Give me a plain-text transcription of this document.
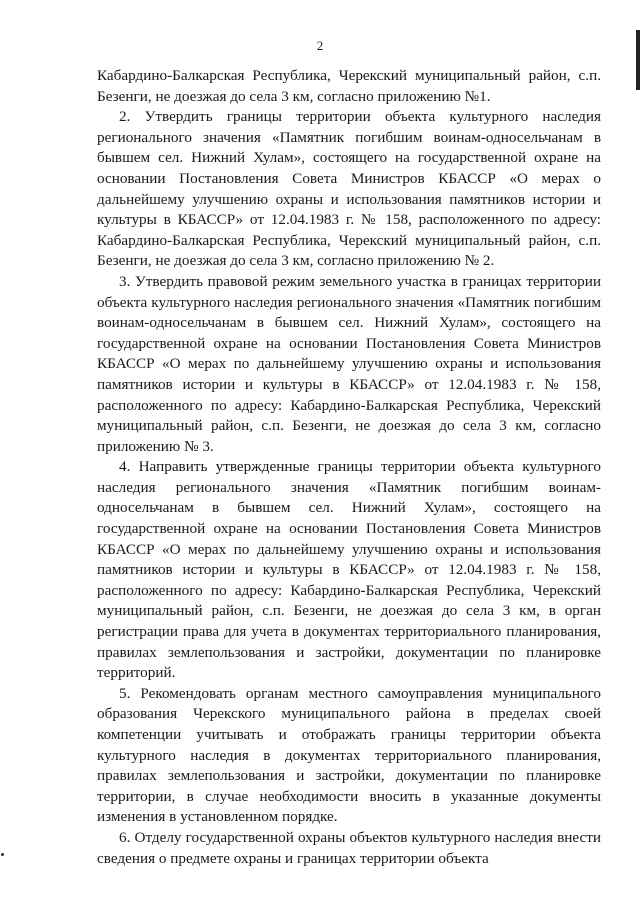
2

Кабардино-Балкарская Республика, Черекский муниципальный район, с.п. Безенги, не доезжая до села 3 км, согласно приложению №1.

2. Утвердить границы территории объекта культурного наследия регионального значения «Памятник погибшим воинам-односельчанам в бывшем сел. Нижний Хулам», состоящего на государственной охране на основании Постановления Совета Министров КБАССР «О мерах о дальнейшему улучшению охраны и использования памятников истории и культуры в КБАССР» от 12.04.1983 г. № 158, расположенного по адресу: Кабардино-Балкарская Республика, Черекский муниципальный район, с.п. Безенги, не доезжая до села 3 км, согласно приложению № 2.

3. Утвердить правовой режим земельного участка в границах территории объекта культурного наследия регионального значения «Памятник погибшим воинам-односельчанам в бывшем сел. Нижний Хулам», состоящего на государственной охране на основании Постановления Совета Министров КБАССР «О мерах по дальнейшему улучшению охраны и использования памятников истории и культуры в КБАССР» от 12.04.1983 г. № 158, расположенного по адресу: Кабардино-Балкарская Республика, Черекский муниципальный район, с.п. Безенги, не доезжая до села 3 км, согласно приложению № 3.

4. Направить утвержденные границы территории объекта культурного наследия регионального значения «Памятник погибшим воинам-односельчанам в бывшем сел. Нижний Хулам», состоящего на государственной охране на основании Постановления Совета Министров КБАССР «О мерах по дальнейшему улучшению охраны и использования памятников истории и культуры в КБАССР» от 12.04.1983 г. № 158, расположенного по адресу: Кабардино-Балкарская Республика, Черекский муниципальный район, с.п. Безенги, не доезжая до села 3 км, в орган регистрации права для учета в документах территориального планирования, правилах землепользования и застройки, документации по планировке территорий.

5. Рекомендовать органам местного самоуправления муниципального образования Черекского муниципального района в пределах своей компетенции учитывать и отображать границы территории объекта культурного наследия в документах территориального планирования, правилах землепользования и застройки, документации по планировке территории, в случае необходимости вносить в указанные документы изменения в установленном порядке.

6. Отделу государственной охраны объектов культурного наследия внести сведения о предмете охраны и границах территории объекта
